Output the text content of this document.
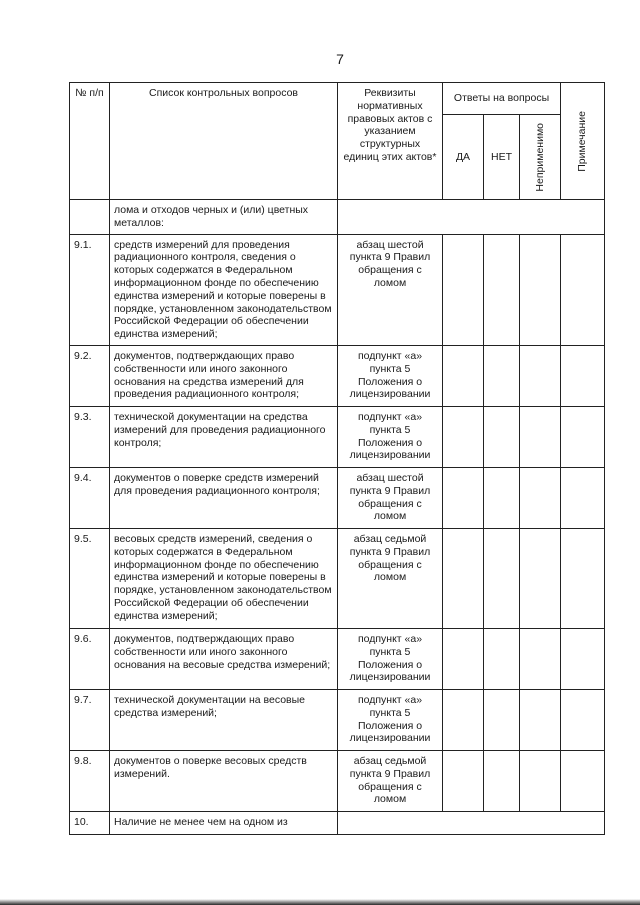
7
№ п/п	Список контрольных вопросов	Реквизиты нормативных правовых актов с указанием структурных единиц этих актов*	Ответы на вопросы			Примечание

			ДА	НЕТ	Неприменимо	

	лома и отходов черных и (или) цветных металлов:					
9.1.	средств измерений для проведения радиационного контроля, сведения о которых содержатся в Федеральном информационном фонде по обеспечению единства измерений и которые поверены в порядке, установленном законодательством Российской Федерации об обеспечении единства измерений;	абзац шестой пункта 9 Правил обращения с ломом				
9.2.	документов, подтверждающих право собственности или иного законного основания на средства измерений для проведения радиационного контроля;	подпункт «а» пункта 5 Положения о лицензировании				
9.3.	технической документации на средства измерений для проведения радиационного контроля;	подпункт «а» пункта 5 Положения о лицензировании				
9.4.	документов о поверке средств измерений для проведения радиационного контроля;	абзац шестой пункта 9 Правил обращения с ломом				
9.5.	весовых средств измерений, сведения о которых содержатся в Федеральном информационном фонде по обеспечению единства измерений и которые поверены в порядке, установленном законодательством Российской Федерации об обеспечении единства измерений;	абзац седьмой пункта 9 Правил обращения с ломом				
9.6.	документов, подтверждающих право собственности или иного законного основания на весовые средства измерений;	подпункт «а» пункта 5 Положения о лицензировании				
9.7.	технической документации на весовые средства измерений;	подпункт «а» пункта 5 Положения о лицензировании				
9.8.	документов о поверке весовых средств измерений.	абзац седьмой пункта 9 Правил обращения с ломом				
10.	Наличие не менее чем на одном из					
